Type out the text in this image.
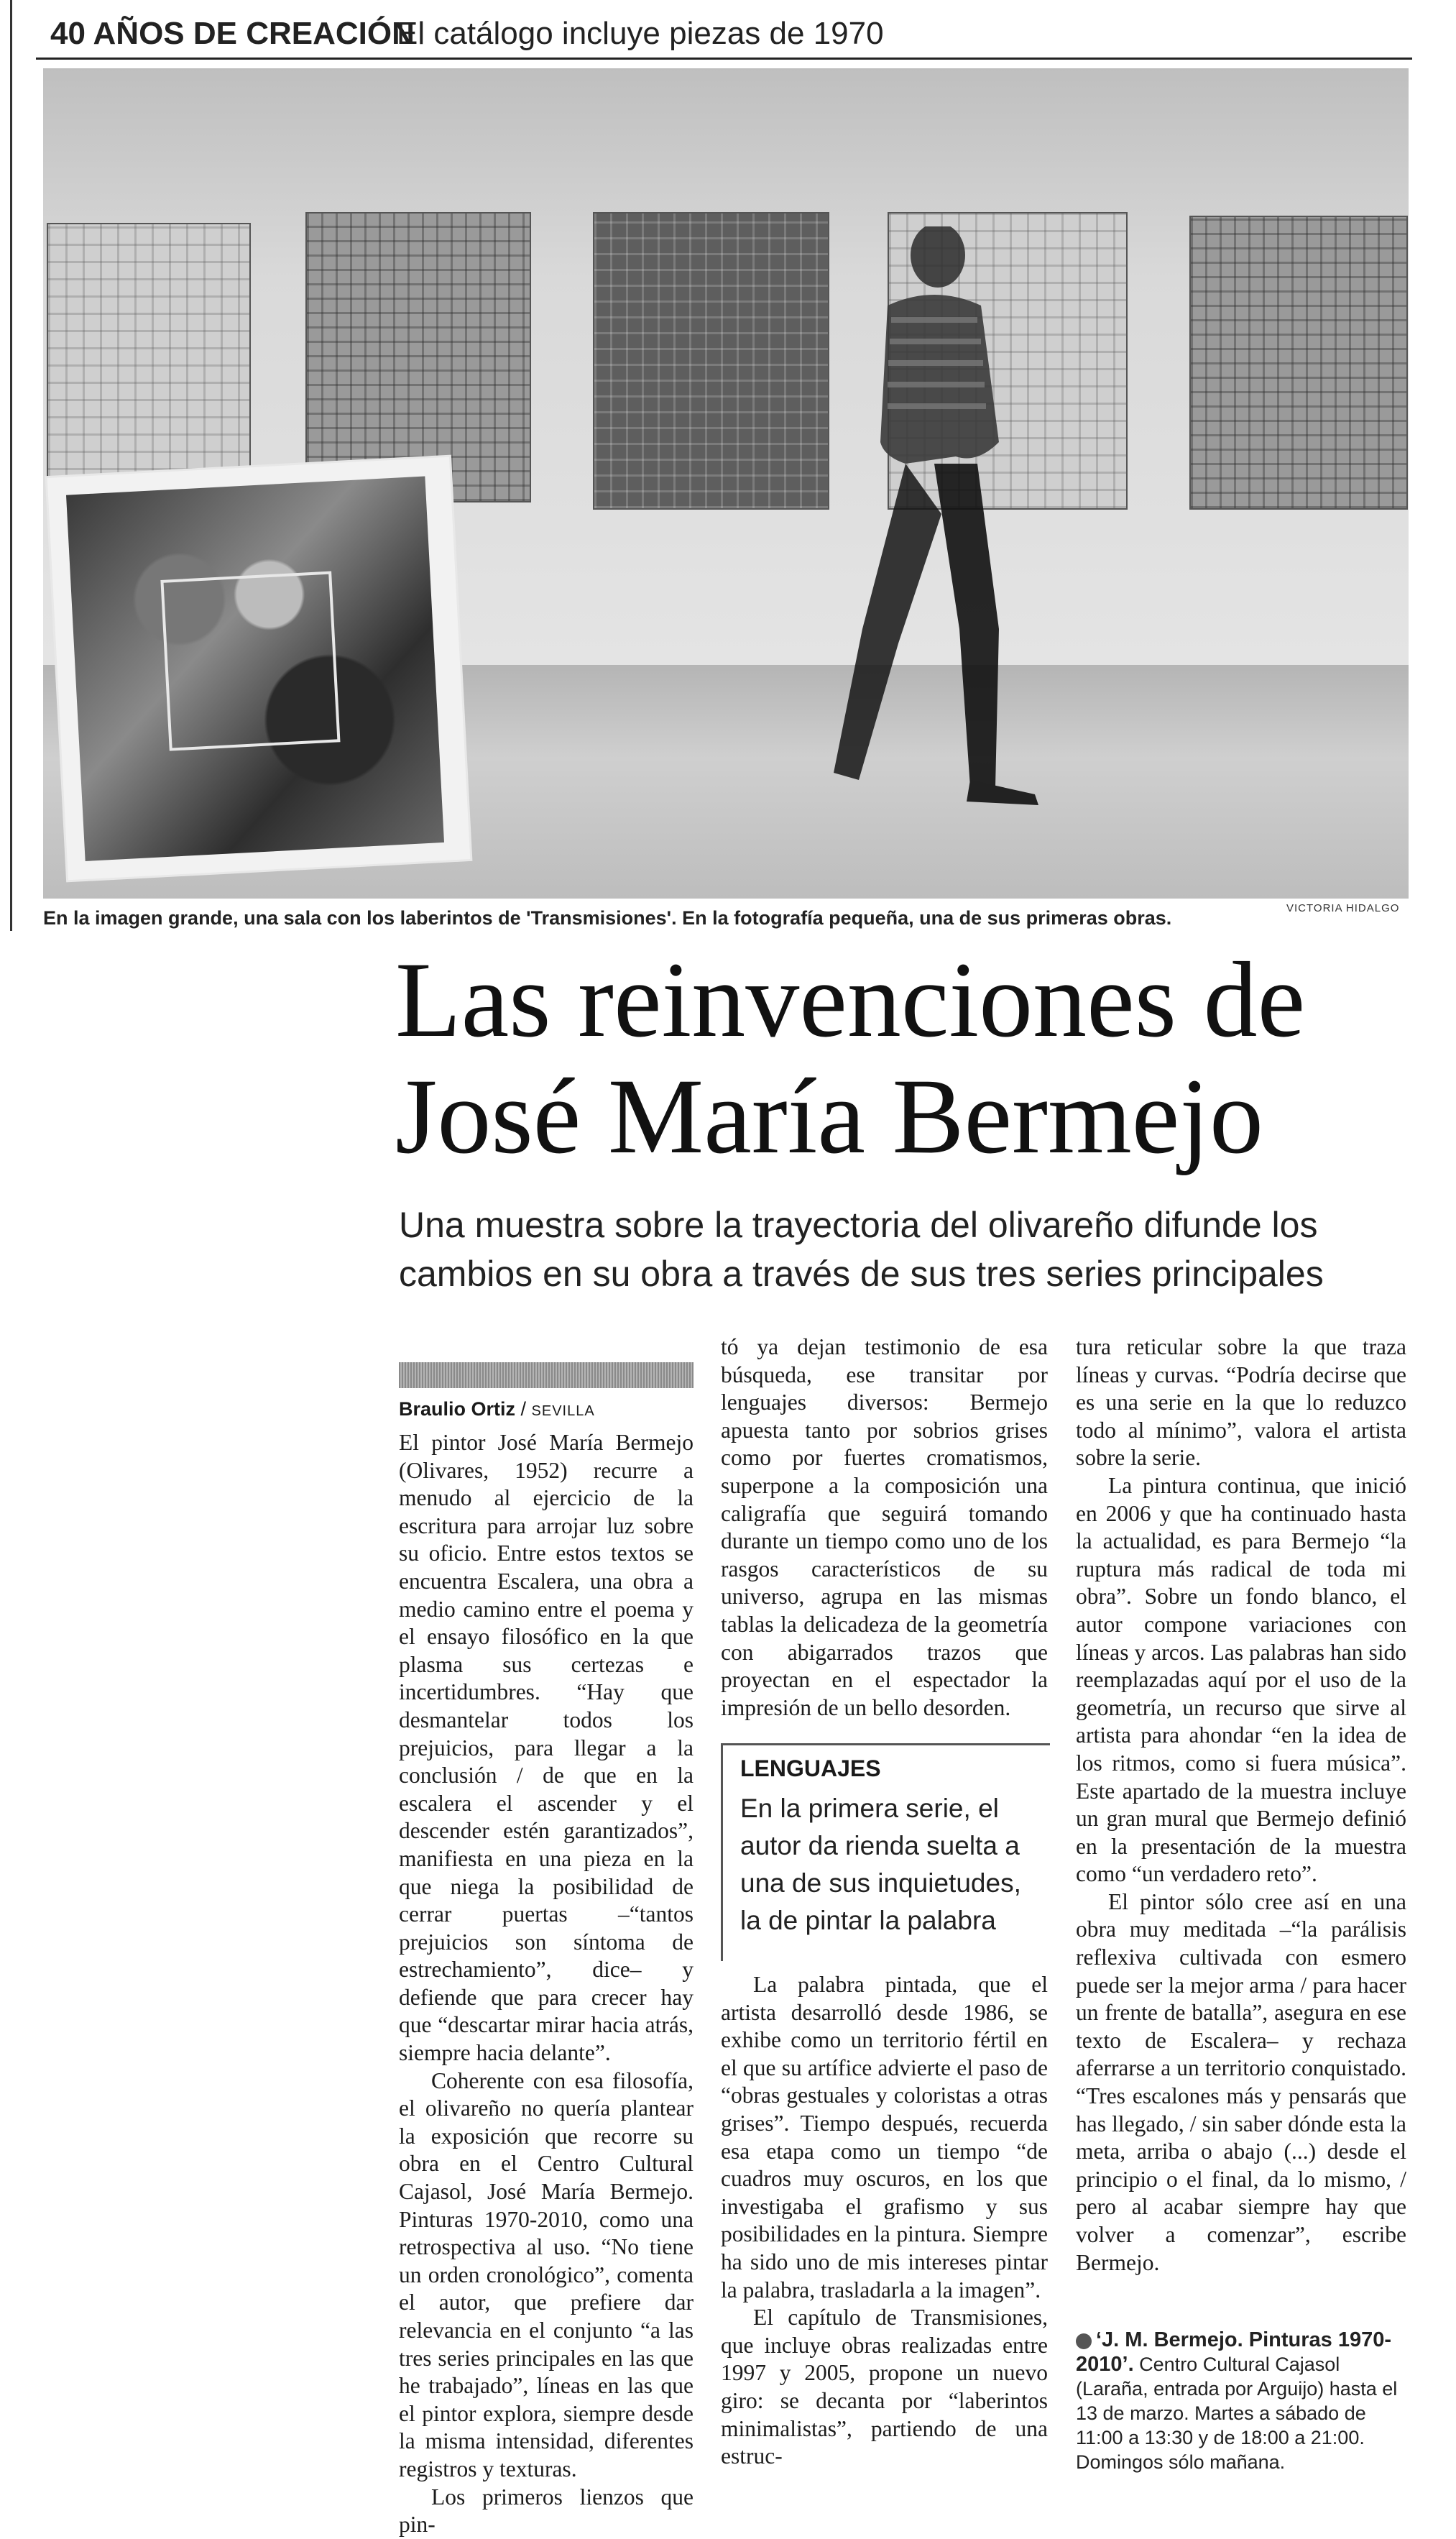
40 AÑOS DE CREACIÓN
El catálogo incluye piezas de 1970
En la imagen grande, una sala con los laberintos de 'Transmisiones'. En la fotografía pequeña, una de sus primeras obras.	VICTORIA HIDALGO
Las reinvenciones de José María Bermejo
Una muestra sobre la trayectoria del olivareño difunde los cambios en su obra a través de sus tres series principales
Braulio Ortiz / SEVILLA

El pintor José María Bermejo (Olivares, 1952) recurre a menudo al ejercicio de la escritura para arrojar luz sobre su oficio. Entre estos textos se encuentra Escalera, una obra a medio camino entre el poema y el ensayo filosófico en la que plasma sus certezas e incertidumbres. “Hay que desmantelar todos los prejuicios, para llegar a la conclusión / de que en la escalera el ascender y el descender estén garantizados”, manifiesta en una pieza en la que niega la posibilidad de cerrar puertas –“tantos prejuicios son síntoma de estrechamiento”, dice– y defiende que para crecer hay que “descartar mirar hacia atrás, siempre hacia delante”.

Coherente con esa filosofía, el olivareño no quería plantear la exposición que recorre su obra en el Centro Cultural Cajasol, José María Bermejo. Pinturas 1970-2010, como una retrospectiva al uso. “No tiene un orden cronológico”, comenta el autor, que prefiere dar relevancia en el conjunto “a las tres series principales en las que he trabajado”, líneas en las que el pintor explora, siempre desde la misma intensidad, diferentes registros y texturas.

Los primeros lienzos que pin-

tó ya dejan testimonio de esa búsqueda, ese transitar por lenguajes diversos: Bermejo apuesta tanto por sobrios grises como por fuertes cromatismos, superpone a la composición una caligrafía que seguirá tomando durante un tiempo como uno de los rasgos característicos de su universo, agrupa en las mismas tablas la delicadeza de la geometría con abigarrados trazos que proyectan en el espectador la impresión de un bello desorden.

LENGUAJES
En la primera serie, el autor da rienda suelta a una de sus inquietudes, la de pintar la palabra

La palabra pintada, que el artista desarrolló desde 1986, se exhibe como un territorio fértil en el que su artífice advierte el paso de “obras gestuales y coloristas a otras grises”. Tiempo después, recuerda esa etapa como un tiempo “de cuadros muy oscuros, en los que investigaba el grafismo y sus posibilidades en la pintura. Siempre ha sido uno de mis intereses pintar la palabra, trasladarla a la imagen”.

El capítulo de Transmisiones, que incluye obras realizadas entre 1997 y 2005, propone un nuevo giro: se decanta por “laberintos minimalistas”, partiendo de una estruc-

tura reticular sobre la que traza líneas y curvas. “Podría decirse que es una serie en la que lo reduzco todo al mínimo”, valora el artista sobre la serie.

La pintura continua, que inició en 2006 y que ha continuado hasta la actualidad, es para Bermejo “la ruptura más radical de toda mi obra”. Sobre un fondo blanco, el autor compone variaciones con líneas y arcos. Las palabras han sido reemplazadas aquí por el uso de la geometría, un recurso que sirve al artista para ahondar “en la idea de los ritmos, como si fuera música”. Este apartado de la muestra incluye un gran mural que Bermejo definió en la presentación de la muestra como “un verdadero reto”.

El pintor sólo cree así en una obra muy meditada –“la parálisis reflexiva cultivada con esmero puede ser la mejor arma / para hacer un frente de batalla”, asegura en ese texto de Escalera– y rechaza aferrarse a un territorio conquistado. “Tres escalones más y pensarás que has llegado, / sin saber dónde esta la meta, arriba o abajo (...) desde el principio o el final, da lo mismo, / pero al acabar siempre hay que volver a comenzar”, escribe Bermejo.

‘J. M. Bermejo. Pinturas 1970-2010’. Centro Cultural Cajasol (Laraña, entrada por Arguijo) hasta el 13 de marzo. Martes a sábado de 11:00 a 13:30 y de 18:00 a 21:00. Domingos sólo mañana.
